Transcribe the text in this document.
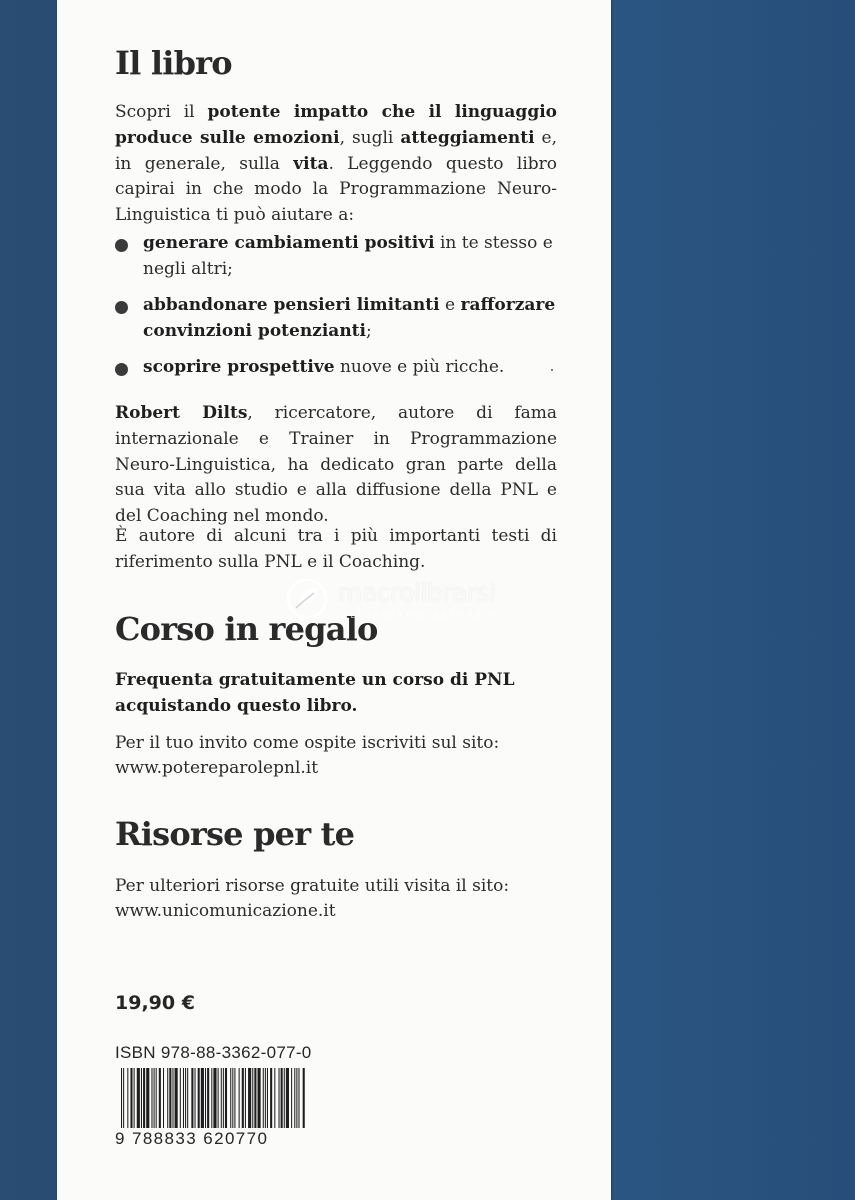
Il libro

Scopri il potente impatto che il linguaggio produce sulle emozioni, sugli atteggiamenti e, in generale, sulla vita. Leggendo questo libro capirai in che modo la Programmazione Neuro-Linguistica ti può aiutare a:

generare cambiamenti positivi in te stesso e negli altri;

abbandonare pensieri limitanti e rafforzare convinzioni potenzianti;

scoprire prospettive nuove e più ricche.

Robert Dilts, ricercatore, autore di fama internazionale e Trainer in Programmazione Neuro-Linguistica, ha dedicato gran parte della sua vita allo studio e alla diffusione della PNL e del Coaching nel mondo.

È autore di alcuni tra i più importanti testi di riferimento sulla PNL e il Coaching.

Corso in regalo

Frequenta gratuitamente un corso di PNL acquistando questo libro.

Per il tuo invito come ospite iscriviti sul sito:

www.potereparolepnl.it

Risorse per te

Per ulteriori risorse gratuite utili visita il sito:

www.unicomunicazione.it

19,90 €

ISBN 978-88-3362-077-0

9 788833 620770

macrolibrarsi

ALTERNATIVA NATURALE
